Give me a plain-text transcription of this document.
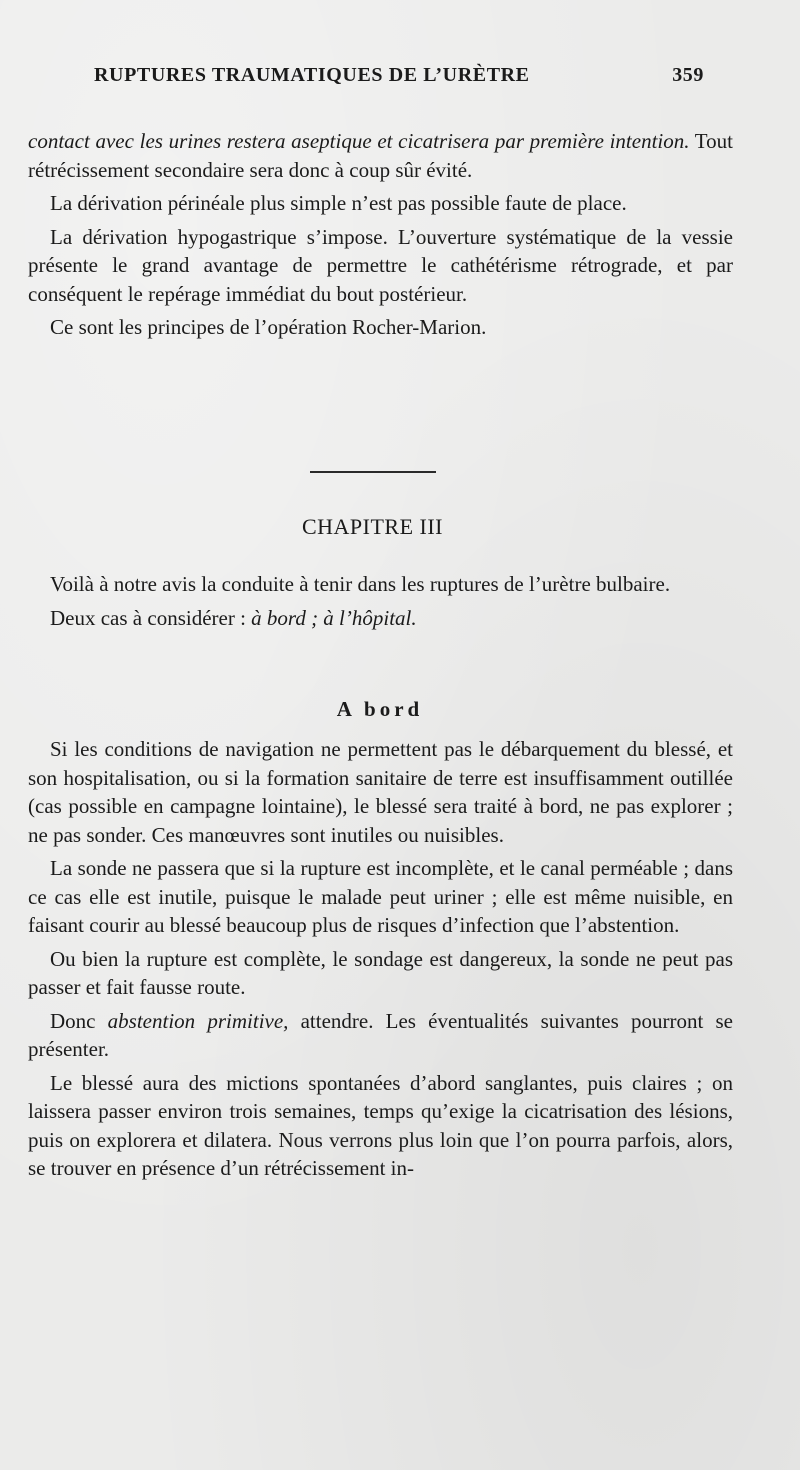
RUPTURES TRAUMATIQUES DE L’URÈTRE	359

contact avec les urines restera aseptique et cicatrisera par première intention. Tout rétrécissement secondaire sera donc à coup sûr évité.

La dérivation périnéale plus simple n’est pas possible faute de place.

La dérivation hypogastrique s’impose. L’ouverture systématique de la vessie présente le grand avantage de permettre le cathétérisme rétrograde, et par conséquent le repérage immédiat du bout postérieur.

Ce sont les principes de l’opération Rocher-Marion.

CHAPITRE III

Voilà à notre avis la conduite à tenir dans les ruptures de l’urètre bulbaire.

Deux cas à considérer : à bord ; à l’hôpital.

A bord

Si les conditions de navigation ne permettent pas le débarquement du blessé, et son hospitalisation, ou si la formation sanitaire de terre est insuffisamment outillée (cas possible en campagne lointaine), le blessé sera traité à bord, ne pas explorer ; ne pas sonder. Ces manœuvres sont inutiles ou nuisibles.

La sonde ne passera que si la rupture est incomplète, et le canal perméable ; dans ce cas elle est inutile, puisque le malade peut uriner ; elle est même nuisible, en faisant courir au blessé beaucoup plus de risques d’infection que l’abstention.

Ou bien la rupture est complète, le sondage est dangereux, la sonde ne peut pas passer et fait fausse route.

Donc abstention primitive, attendre. Les éventualités suivantes pourront se présenter.

Le blessé aura des mictions spontanées d’abord sanglantes, puis claires ; on laissera passer environ trois semaines, temps qu’exige la cicatrisation des lésions, puis on explorera et dilatera. Nous verrons plus loin que l’on pourra parfois, alors, se trouver en présence d’un rétrécissement in-
